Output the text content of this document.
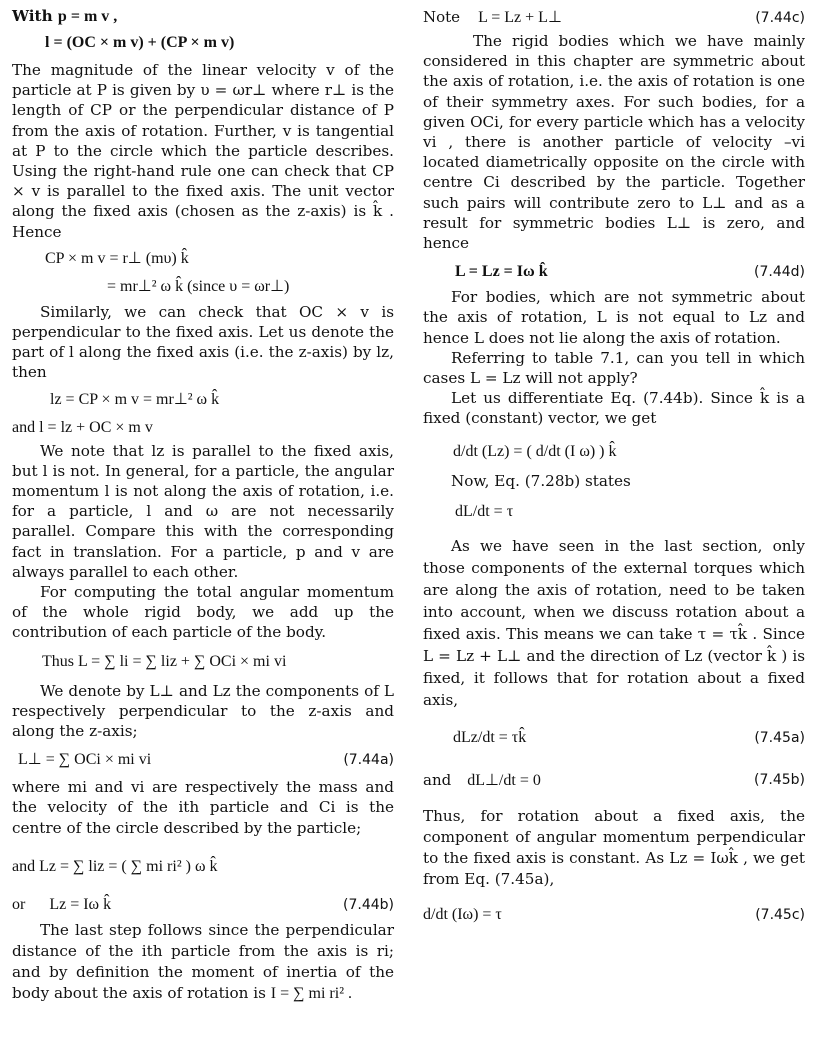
With p = m v ,

l = (OC × m v) + (CP × m v)

The magnitude of the linear velocity v of the particle at P is given by υ = ωr⊥ where r⊥ is the length of CP or the perpendicular distance of P from the axis of rotation. Further, v is tangential at P to the circle which the particle describes. Using the right-hand rule one can check that CP × v is parallel to the fixed axis. The unit vector along the fixed axis (chosen as the z-axis) is k̂ . Hence

CP × m v = r⊥ (mυ) k̂
= mr⊥² ω k̂ (since υ = ωr⊥)

Similarly, we can check that OC × v is perpendicular to the fixed axis. Let us denote the part of l along the fixed axis (i.e. the z-axis) by lz, then

lz = CP × m v = mr⊥² ω k̂
and l = lz + OC × m v

We note that lz is parallel to the fixed axis, but l is not. In general, for a particle, the angular momentum l is not along the axis of rotation, i.e. for a particle, l and ω are not necessarily parallel. Compare this with the corresponding fact in translation. For a particle, p and v are always parallel to each other.

For computing the total angular momentum of the whole rigid body, we add up the contribution of each particle of the body.

Thus L = ∑ li = ∑ liz + ∑ OCi × mi vi

We denote by L⊥ and Lz the components of L respectively perpendicular to the z-axis and along the z-axis;

L⊥ = ∑ OCi × mi vi	(7.44a)

where mi and vi are respectively the mass and the velocity of the ith particle and Ci is the centre of the circle described by the particle;

and Lz = ∑ liz = ( ∑ mi ri² ) ω k̂
or Lz = Iω k̂	(7.44b)

The last step follows since the perpendicular distance of the ith particle from the axis is ri; and by definition the moment of inertia of the body about the axis of rotation is I = ∑ mi ri² .

Note L = Lz + L⊥	(7.44c)

The rigid bodies which we have mainly considered in this chapter are symmetric about the axis of rotation, i.e. the axis of rotation is one of their symmetry axes. For such bodies, for a given OCi, for every particle which has a velocity vi , there is another particle of velocity –vi located diametrically opposite on the circle with centre Ci described by the particle. Together such pairs will contribute zero to L⊥ and as a result for symmetric bodies L⊥ is zero, and hence

L = Lz = Iω k̂	(7.44d)

For bodies, which are not symmetric about the axis of rotation, L is not equal to Lz and hence L does not lie along the axis of rotation.

Referring to table 7.1, can you tell in which cases L = Lz will not apply?

Let us differentiate Eq. (7.44b). Since k̂ is a fixed (constant) vector, we get

d/dt (Lz) = ( d/dt (I ω) ) k̂

Now, Eq. (7.28b) states

dL/dt = τ

As we have seen in the last section, only those components of the external torques which are along the axis of rotation, need to be taken into account, when we discuss rotation about a fixed axis. This means we can take τ = τk̂ . Since L = Lz + L⊥ and the direction of Lz (vector k̂ ) is fixed, it follows that for rotation about a fixed axis,

dLz/dt = τk̂	(7.45a)
and dL⊥/dt = 0	(7.45b)

Thus, for rotation about a fixed axis, the component of angular momentum perpendicular to the fixed axis is constant. As Lz = Iωk̂ , we get from Eq. (7.45a),

d/dt (Iω) = τ	(7.45c)
